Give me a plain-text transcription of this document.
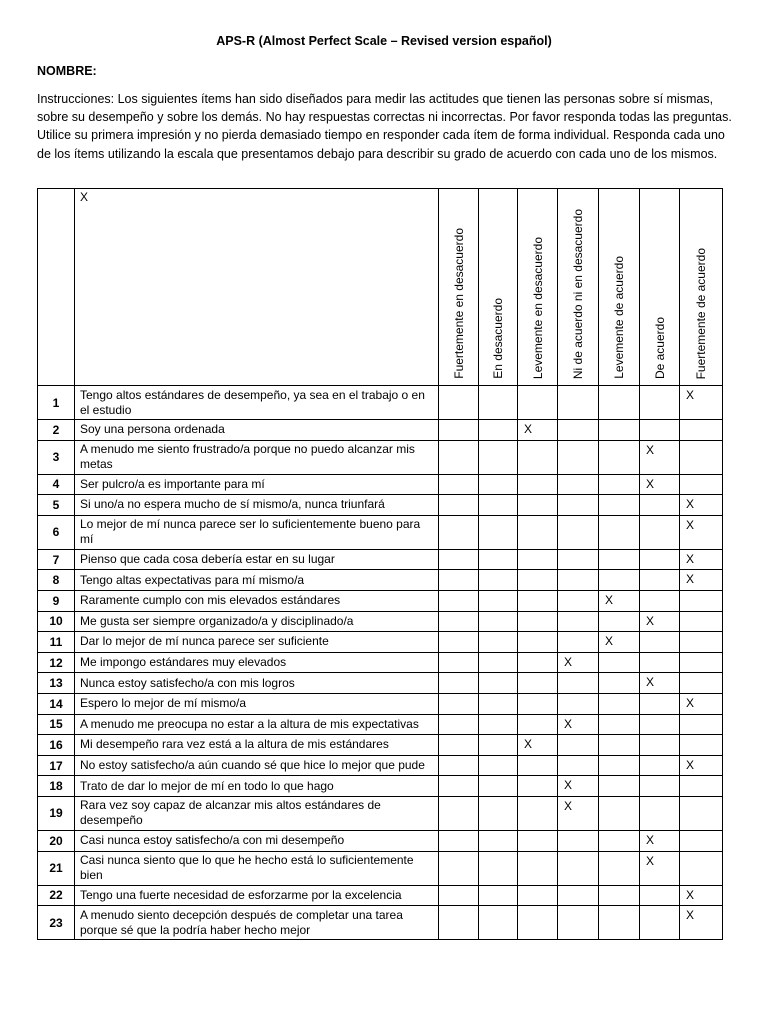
APS-R (Almost Perfect Scale – Revised version español)
NOMBRE:
Instrucciones: Los siguientes ítems han sido diseñados para medir las actitudes que tienen las personas sobre sí mismas, sobre su desempeño y sobre los demás. No hay respuestas correctas ni incorrectas. Por favor responda todas las preguntas. Utilice su primera impresión y no pierda demasiado tiempo en responder cada ítem de forma individual. Responda cada uno de los ítems utilizando la escala que presentamos debajo para describir su grado de acuerdo con cada uno de los mismos.
	X	Fuertemente en desacuerdo	En desacuerdo	Levemente en desacuerdo	Ni de acuerdo ni en desacuerdo	Levemente de acuerdo	De acuerdo	Fuertemente de acuerdo

1	Tengo altos estándares de desempeño, ya sea en el trabajo o en el estudio							X
2	Soy una persona ordenada			X				
3	A menudo me siento frustrado/a porque no puedo alcanzar mis metas						X	
4	Ser pulcro/a es importante para mí						X	
5	Si uno/a no espera mucho de sí mismo/a, nunca triunfará							X
6	Lo mejor de mí nunca parece ser lo suficientemente bueno para mí							X
7	Pienso que cada cosa debería estar en su lugar							X
8	Tengo altas expectativas para mí mismo/a							X
9	Raramente cumplo con mis elevados estándares					X		
10	Me gusta ser siempre organizado/a y disciplinado/a						X	
11	Dar lo mejor de mí nunca parece ser suficiente					X		
12	Me impongo estándares muy elevados				X			
13	Nunca estoy satisfecho/a con mis logros						X	
14	Espero lo mejor de mí mismo/a							X
15	A menudo me preocupa no estar a la altura de mis expectativas				X			
16	Mi desempeño rara vez está a la altura de mis estándares			X				
17	No estoy satisfecho/a aún cuando sé que hice lo mejor que pude							X
18	Trato de dar lo mejor de mí en todo lo que hago				X			
19	Rara vez soy capaz de alcanzar mis altos estándares de desempeño				X			
20	Casi nunca estoy satisfecho/a con mi desempeño						X	
21	Casi nunca siento que lo que he hecho está lo suficientemente bien						X	
22	Tengo una fuerte necesidad de esforzarme por la excelencia							X
23	A menudo siento decepción después de completar una tarea porque sé que la podría haber hecho mejor							X
